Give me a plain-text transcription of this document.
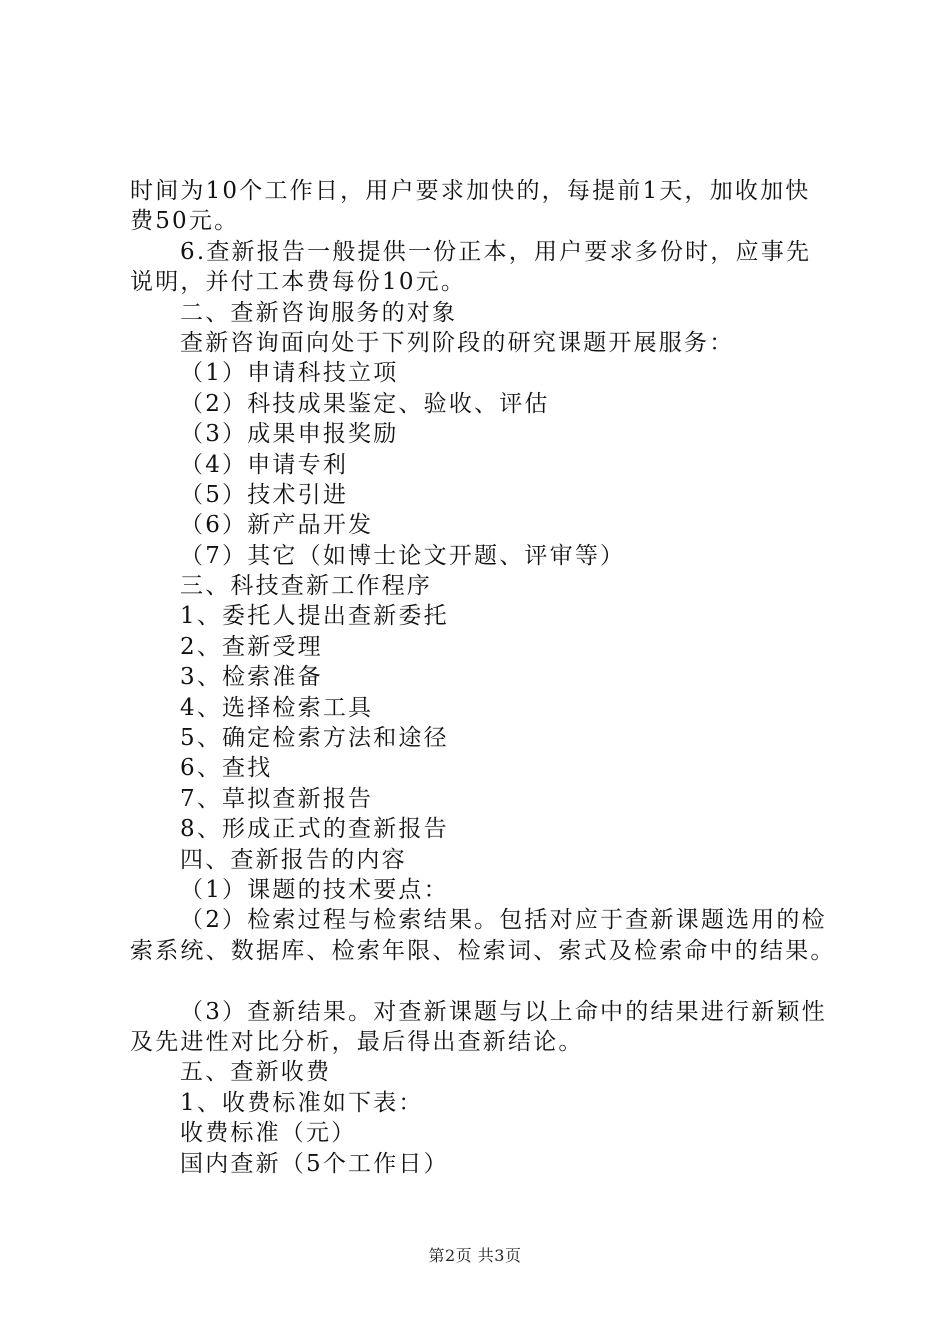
时间为10个工作日，用户要求加快的，每提前1天，加收加快
费50元。
6.查新报告一般提供一份正本，用户要求多份时，应事先
说明，并付工本费每份10元。
二、查新咨询服务的对象
查新咨询面向处于下列阶段的研究课题开展服务：
（1）申请科技立项
（2）科技成果鉴定、验收、评估
（3）成果申报奖励
（4）申请专利
（5）技术引进
（6）新产品开发
（7）其它（如博士论文开题、评审等）
三、科技查新工作程序
1、委托人提出查新委托
2、查新受理
3、检索准备
4、选择检索工具
5、确定检索方法和途径
6、查找
7、草拟查新报告
8、形成正式的查新报告
四、查新报告的内容
（1）课题的技术要点：
（2）检索过程与检索结果。包括对应于查新课题选用的检
索系统、数据库、检索年限、检索词、索式及检索命中的结果。
（3）查新结果。对查新课题与以上命中的结果进行新颖性
及先进性对比分析，最后得出查新结论。
五、查新收费
1、收费标准如下表：
收费标准（元）
国内查新（5个工作日）
第2页 共3页
